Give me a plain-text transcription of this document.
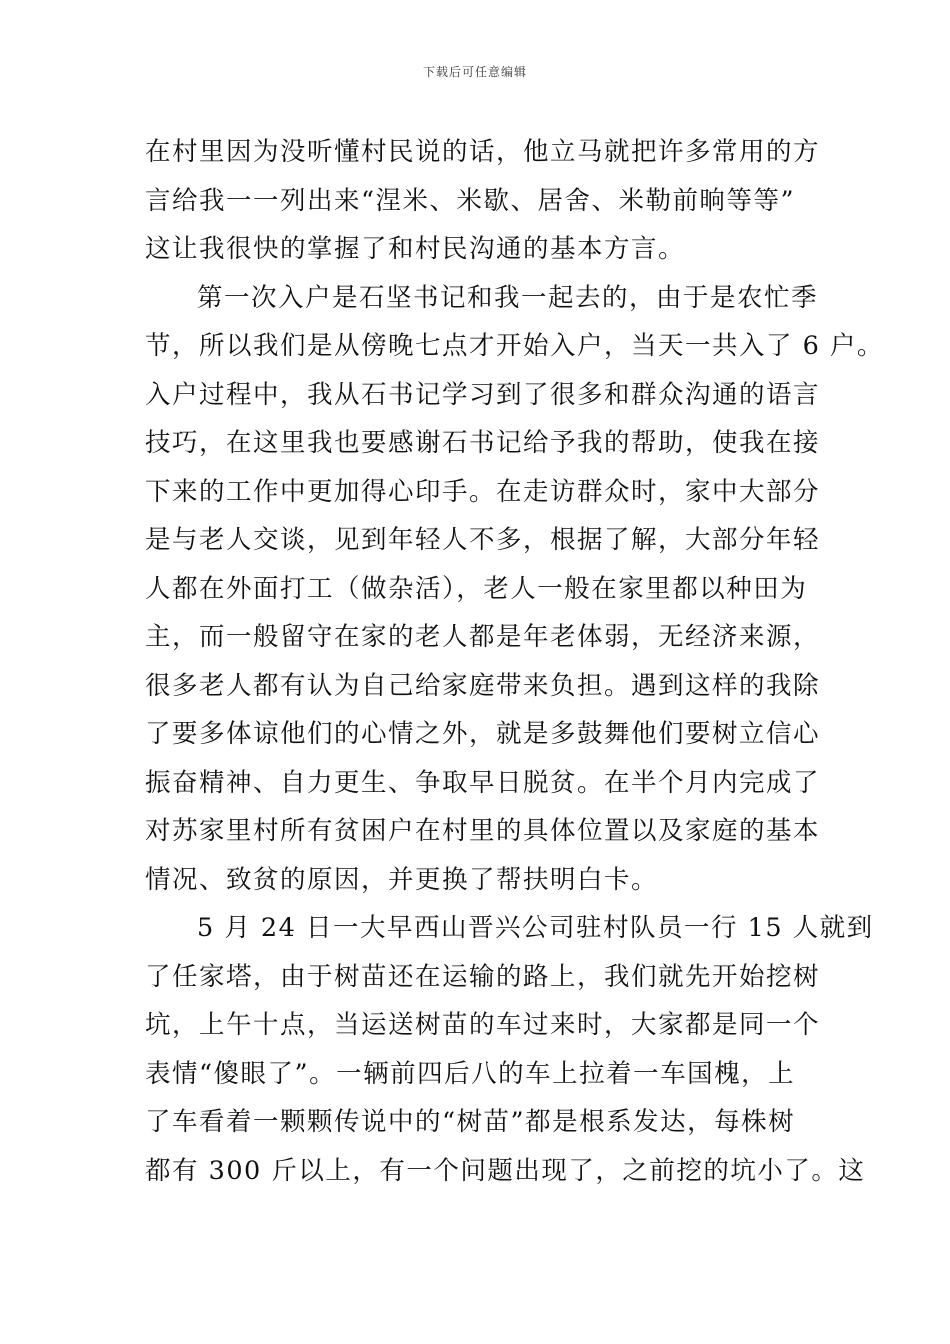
下载后可任意编辑
在村里因为没听懂村民说的话，他立马就把许多常用的方
言给我一一列出来“涅米、米歇、居舍、米勒前晌等等”
这让我很快的掌握了和村民沟通的基本方言。
第一次入户是石坚书记和我一起去的，由于是农忙季
节，所以我们是从傍晚七点才开始入户，当天一共入了 6 户。
入户过程中，我从石书记学习到了很多和群众沟通的语言
技巧，在这里我也要感谢石书记给予我的帮助，使我在接
下来的工作中更加得心印手。在走访群众时，家中大部分
是与老人交谈，见到年轻人不多，根据了解，大部分年轻
人都在外面打工（做杂活），老人一般在家里都以种田为
主，而一般留守在家的老人都是年老体弱，无经济来源，
很多老人都有认为自己给家庭带来负担。遇到这样的我除
了要多体谅他们的心情之外，就是多鼓舞他们要树立信心
振奋精神、自力更生、争取早日脱贫。在半个月内完成了
对苏家里村所有贫困户在村里的具体位置以及家庭的基本
情况、致贫的原因，并更换了帮扶明白卡。
5 月 24 日一大早西山晋兴公司驻村队员一行 15 人就到
了任家塔，由于树苗还在运输的路上，我们就先开始挖树
坑，上午十点，当运送树苗的车过来时，大家都是同一个
表情“傻眼了”。一辆前四后八的车上拉着一车国槐，上
了车看着一颗颗传说中的“树苗”都是根系发达，每株树
都有 300 斤以上，有一个问题出现了，之前挖的坑小了。这
